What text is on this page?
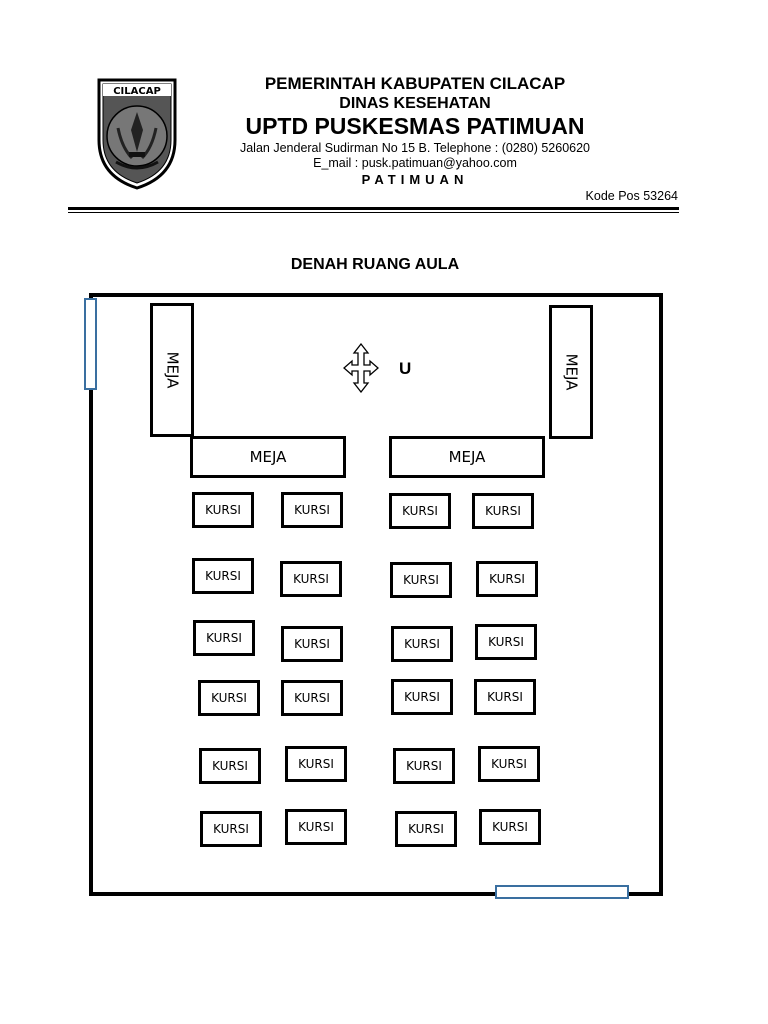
CILACAP	PEMERINTAH KABUPATEN CILACAP
DINAS KESEHATAN
UPTD PUSKESMAS PATIMUAN
Jalan Jenderal Sudirman No 15 B. Telephone : (0280) 5260620
E_mail : pusk.patimuan@yahoo.com
PATIMUAN
Kode Pos 53264
DENAH RUANG AULA
MEJA	MEJA
MEJA	MEJA
U
KURSI	KURSI	KURSI	KURSI
KURSI	KURSI	KURSI	KURSI
KURSI	KURSI	KURSI	KURSI
KURSI	KURSI	KURSI	KURSI
KURSI	KURSI	KURSI	KURSI
KURSI	KURSI	KURSI	KURSI
